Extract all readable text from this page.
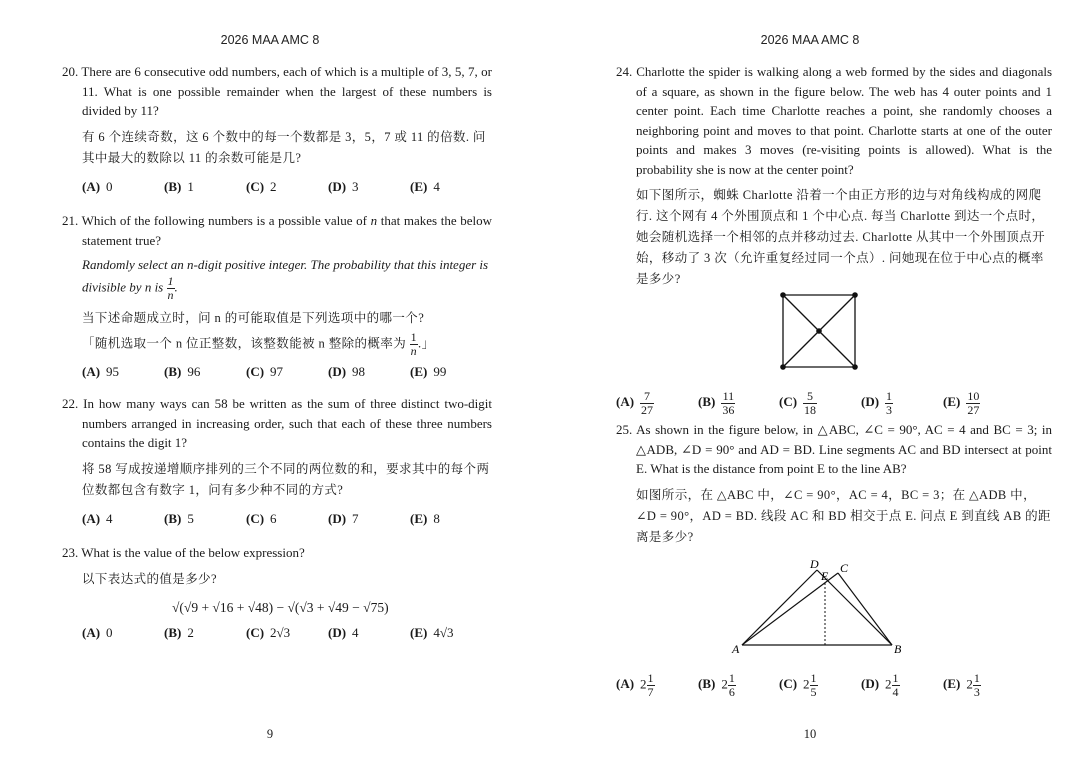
2026 MAA AMC 8

20. There are 6 consecutive odd numbers, each of which is a multiple of 3, 5, 7, or 11. What is one possible remainder when the largest of these numbers is divided by 11?

有 6 个连续奇数，这 6 个数中的每一个数都是 3，5，7 或 11 的倍数. 问其中最大的数除以 11 的余数可能是几?

(A) 0	(B) 1	(C) 2	(D) 3	(E) 4

21. Which of the following numbers is a possible value of n that makes the below statement true?

Randomly select an n-digit positive integer. The probability that this integer is divisible by n is $\frac{1}{n}$ .

当下述命题成立时，问 n 的可能取值是下列选项中的哪一个?

「随机选取一个 n 位正整数，该整数能被 n 整除的概率为 $\frac{1}{n}$ .」

(A) 95	(B) 96	(C) 97	(D) 98	(E) 99

22. In how many ways can 58 be written as the sum of three distinct two-digit numbers arranged in increasing order, such that each of these three numbers contains the digit 1?

将 58 写成按递增顺序排列的三个不同的两位数的和，要求其中的每个两位数都包含有数字 1，问有多少种不同的方式?

(A) 4	(B) 5	(C) 6	(D) 7	(E) 8

23. What is the value of the below expression?

以下表达式的值是多少?

√(√9 + √16 + √48) − √(√3 + √49 − √75)
(A) 0	(B) 2	(C) 2√3	(D) 4	(E) 4√3
9
2026 MAA AMC 8

24. Charlotte the spider is walking along a web formed by the sides and diagonals of a square, as shown in the figure below. The web has 4 outer points and 1 center point. Each time Charlotte reaches a point, she randomly chooses a neighboring point and moves to that point. Charlotte starts at one of the outer points and makes 3 moves (re-visiting points is allowed). What is the probability she is now at the center point?

如下图所示，蜘蛛 Charlotte 沿着一个由正方形的边与对角线构成的网爬行. 这个网有 4 个外围顶点和 1 个中心点. 每当 Charlotte 到达一个点时，她会随机选择一个相邻的点并移动过去. Charlotte 从其中一个外围顶点开始，移动了 3 次（允许重复经过同一个点）. 问她现在位于中心点的概率是多少?

$(A) \frac{7}{27}$	$(B) \frac{11}{36}$	$(C) \frac{5}{18}$	$(D) \frac{1}{3}$	$(E) \frac{10}{27}$

25. As shown in the figure below, in △ABC, ∠C = 90°, AC = 4 and BC = 3; in △ADB, ∠D = 90° and AD = BD. Line segments AC and BD intersect at point E. What is the distance from point E to the line AB?

如图所示，在 △ABC 中，∠C = 90°，AC = 4，BC = 3；在 △ADB 中，∠D = 90°，AD = BD. 线段 AC 和 BD 相交于点 E. 问点 E 到直线 AB 的距离是多少?

A	B
C
D
E
(A) $2 \frac{1}{7}$	(B) $2 \frac{1}{6}$	(C) $2 \frac{1}{5}$	(D) $2 \frac{1}{4}$	(E) $2 \frac{1}{3}$
10
